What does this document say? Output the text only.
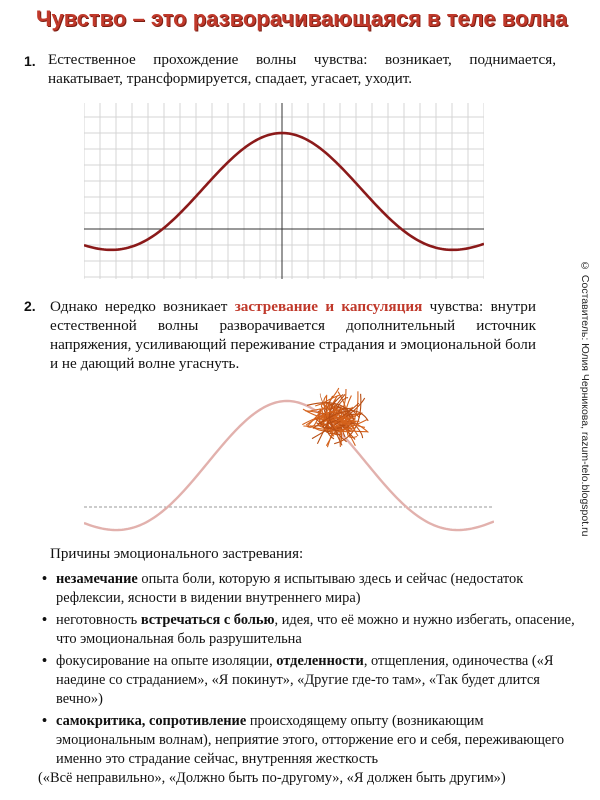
Чувство – это разворачивающаяся в теле волна
1. Естественное прохождение волны чувства: возникает, поднимается, накатывает, трансформируется, спадает, угасает, уходит.
2. Однако нередко возникает застревание и капсуляция чувства: внутри естественной волны разворачивается дополнительный источник напряжения, усиливающий переживание страдания и эмоциональной боли и не дающий волне угаснуть.	© Составитель: Юлия Черникова, razum-telo.blogspot.ru
Причины эмоционального застревания:
• незамечание опыта боли, которую я испытываю здесь и сейчас (недостаток рефлексии, ясности в видении внутреннего мира)
• неготовность встречаться с болью, идея, что её можно и нужно избегать, опасение, что эмоциональная боль разрушительна
• фокусирование на опыте изоляции, отделенности, отщепления, одиночества («Я наедине со страданием», «Я покинут», «Другие где-то там», «Так будет длится вечно»)
• самокритика, сопротивление происходящему опыту (возникающим эмоциональным волнам), неприятие этого, отторжение его и себя, переживающего именно это страдание сейчас, внутренняя жесткость
(«Всё неправильно», «Должно быть по-другому», «Я должен быть другим»)
